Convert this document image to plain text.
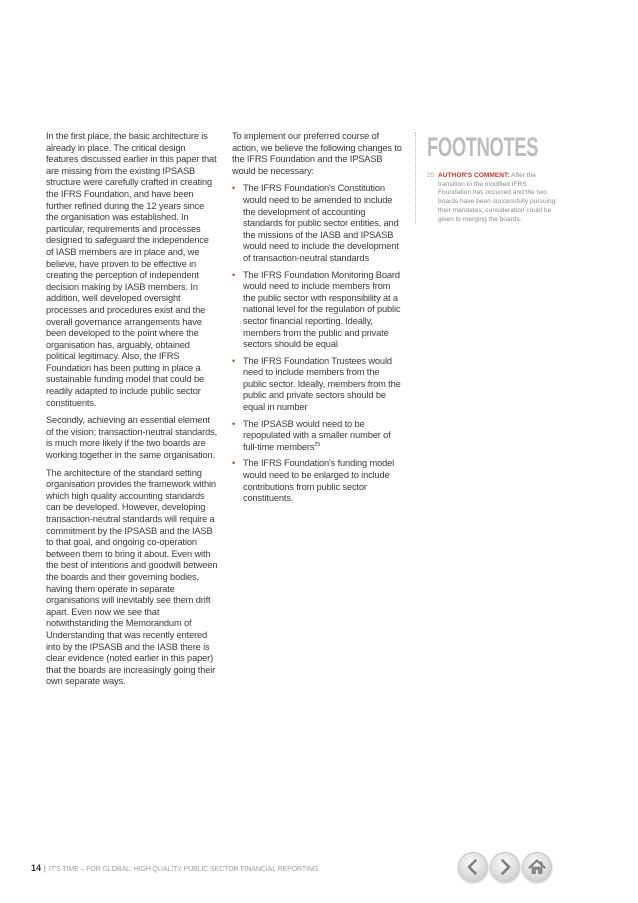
In the first place, the basic architecture is already in place. The critical design features discussed earlier in this paper that are missing from the existing IPSASB structure were carefully crafted in creating the IFRS Foundation, and have been further refined during the 12 years since the organisation was established. In particular, requirements and processes designed to safeguard the independence of IASB members are in place and, we believe, have proven to be effective in creating the perception of independent decision making by IASB members. In addition, well developed oversight processes and procedures exist and the overall governance arrangements have been developed to the point where the organisation has, arguably, obtained political legitimacy. Also, the IFRS Foundation has been putting in place a sustainable funding model that could be readily adapted to include public sector constituents.

Secondly, achieving an essential element of the vision; transaction-neutral standards, is much more likely if the two boards are working together in the same organisation.

The architecture of the standard setting organisation provides the framework within which high quality accounting standards can be developed. However, developing transaction-neutral standards will require a commitment by the IPSASB and the IASB to that goal, and ongoing co-operation between them to bring it about. Even with the best of intentions and goodwill between the boards and their governing bodies, having them operate in separate organisations will inevitably see them drift apart. Even now we see that notwithstanding the Memorandum of Understanding that was recently entered into by the IPSASB and the IASB there is clear evidence (noted earlier in this paper) that the boards are increasingly going their own separate ways.

To implement our preferred course of action, we believe the following changes to the IFRS Foundation and the IPSASB would be necessary:

• The IFRS Foundation's Constitution would need to be amended to include the development of accounting standards for public sector entities, and the missions of the IASB and IPSASB would need to include the development of transaction-neutral standards
• The IFRS Foundation Monitoring Board would need to include members from the public sector with responsibility at a national level for the regulation of public sector financial reporting. Ideally, members from the public and private sectors should be equal
• The IFRS Foundation Trustees would need to include members from the public sector. Ideally, members from the public and private sectors should be equal in number
• The IPSASB would need to be repopulated with a smaller number of full-time members$^{25}$
• The IFRS Foundation's funding model would need to be enlarged to include contributions from public sector constituents.
FOOTNOTES
25 AUTHOR'S COMMENT: After the transition to the modified IFRS Foundation has occurred and the two boards have been successfully pursuing their mandates, consideration could be given to merging the boards.
14 | IT'S TIME – FOR GLOBAL, HIGH QUALITY PUBLIC SECTOR FINANCIAL REPORTING
